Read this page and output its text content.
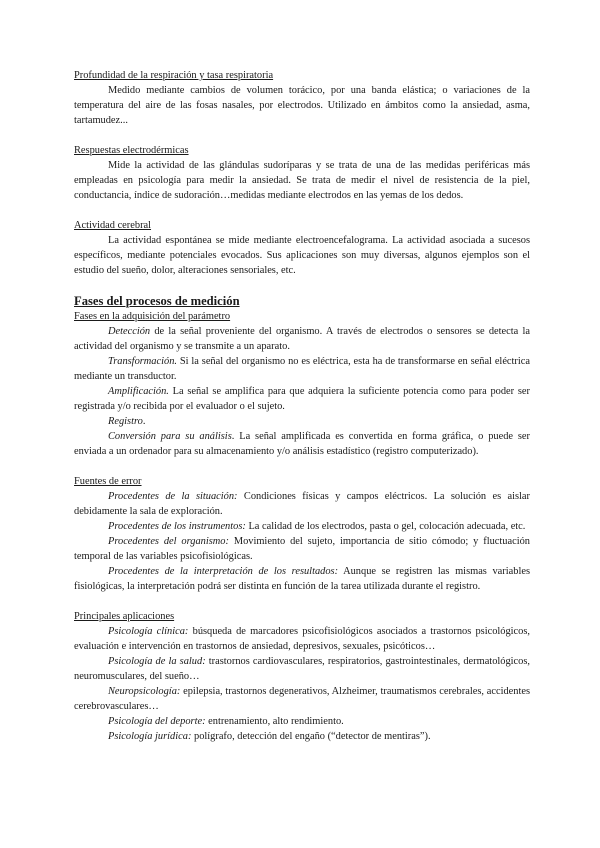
Profundidad de la respiración y tasa respiratoria

Medido mediante cambios de volumen torácico, por una banda elástica; o variaciones de la temperatura del aire de las fosas nasales, por electrodos. Utilizado en ámbitos como la ansiedad, asma, tartamudez...

Respuestas electrodérmicas

Mide la actividad de las glándulas sudoríparas y se trata de una de las medidas periféricas más empleadas en psicología para medir la ansiedad. Se trata de medir el nivel de resistencia de la piel, conductancia, índice de sudoración…medidas mediante electrodos en las yemas de los dedos.

Actividad cerebral

La actividad espontánea se mide mediante electroencefalograma. La actividad asociada a sucesos específicos, mediante potenciales evocados. Sus aplicaciones son muy diversas, algunos ejemplos son el estudio del sueño, dolor, alteraciones sensoriales, etc.

Fases del procesos de medición
Fases en la adquisición del parámetro

Detección de la señal proveniente del organismo. A través de electrodos o sensores se detecta la actividad del organismo y se transmite a un aparato.

Transformación. Si la señal del organismo no es eléctrica, esta ha de transformarse en señal eléctrica mediante un transductor.

Amplificación. La señal se amplifica para que adquiera la suficiente potencia como para poder ser registrada y/o recibida por el evaluador o el sujeto.

Registro.

Conversión para su análisis. La señal amplificada es convertida en forma gráfica, o puede ser enviada a un ordenador para su almacenamiento y/o análisis estadístico (registro computerizado).

Fuentes de error

Procedentes de la situación: Condiciones físicas y campos eléctricos. La solución es aislar debidamente la sala de exploración.

Procedentes de los instrumentos: La calidad de los electrodos, pasta o gel, colocación adecuada, etc.

Procedentes del organismo: Movimiento del sujeto, importancia de sitio cómodo; y fluctuación temporal de las variables psicofisiológicas.

Procedentes de la interpretación de los resultados: Aunque se registren las mismas variables fisiológicas, la interpretación podrá ser distinta en función de la tarea utilizada durante el registro.

Principales aplicaciones

Psicología clínica: búsqueda de marcadores psicofisiológicos asociados a trastornos psicológicos, evaluación e intervención en trastornos de ansiedad, depresivos, sexuales, psicóticos…

Psicología de la salud: trastornos cardiovasculares, respiratorios, gastrointestinales, dermatológicos, neuromusculares, del sueño…

Neuropsicología: epilepsia, trastornos degenerativos, Alzheimer, traumatismos cerebrales, accidentes cerebrovasculares…

Psicología del deporte: entrenamiento, alto rendimiento.

Psicología jurídica: polígrafo, detección del engaño (“detector de mentiras”).
